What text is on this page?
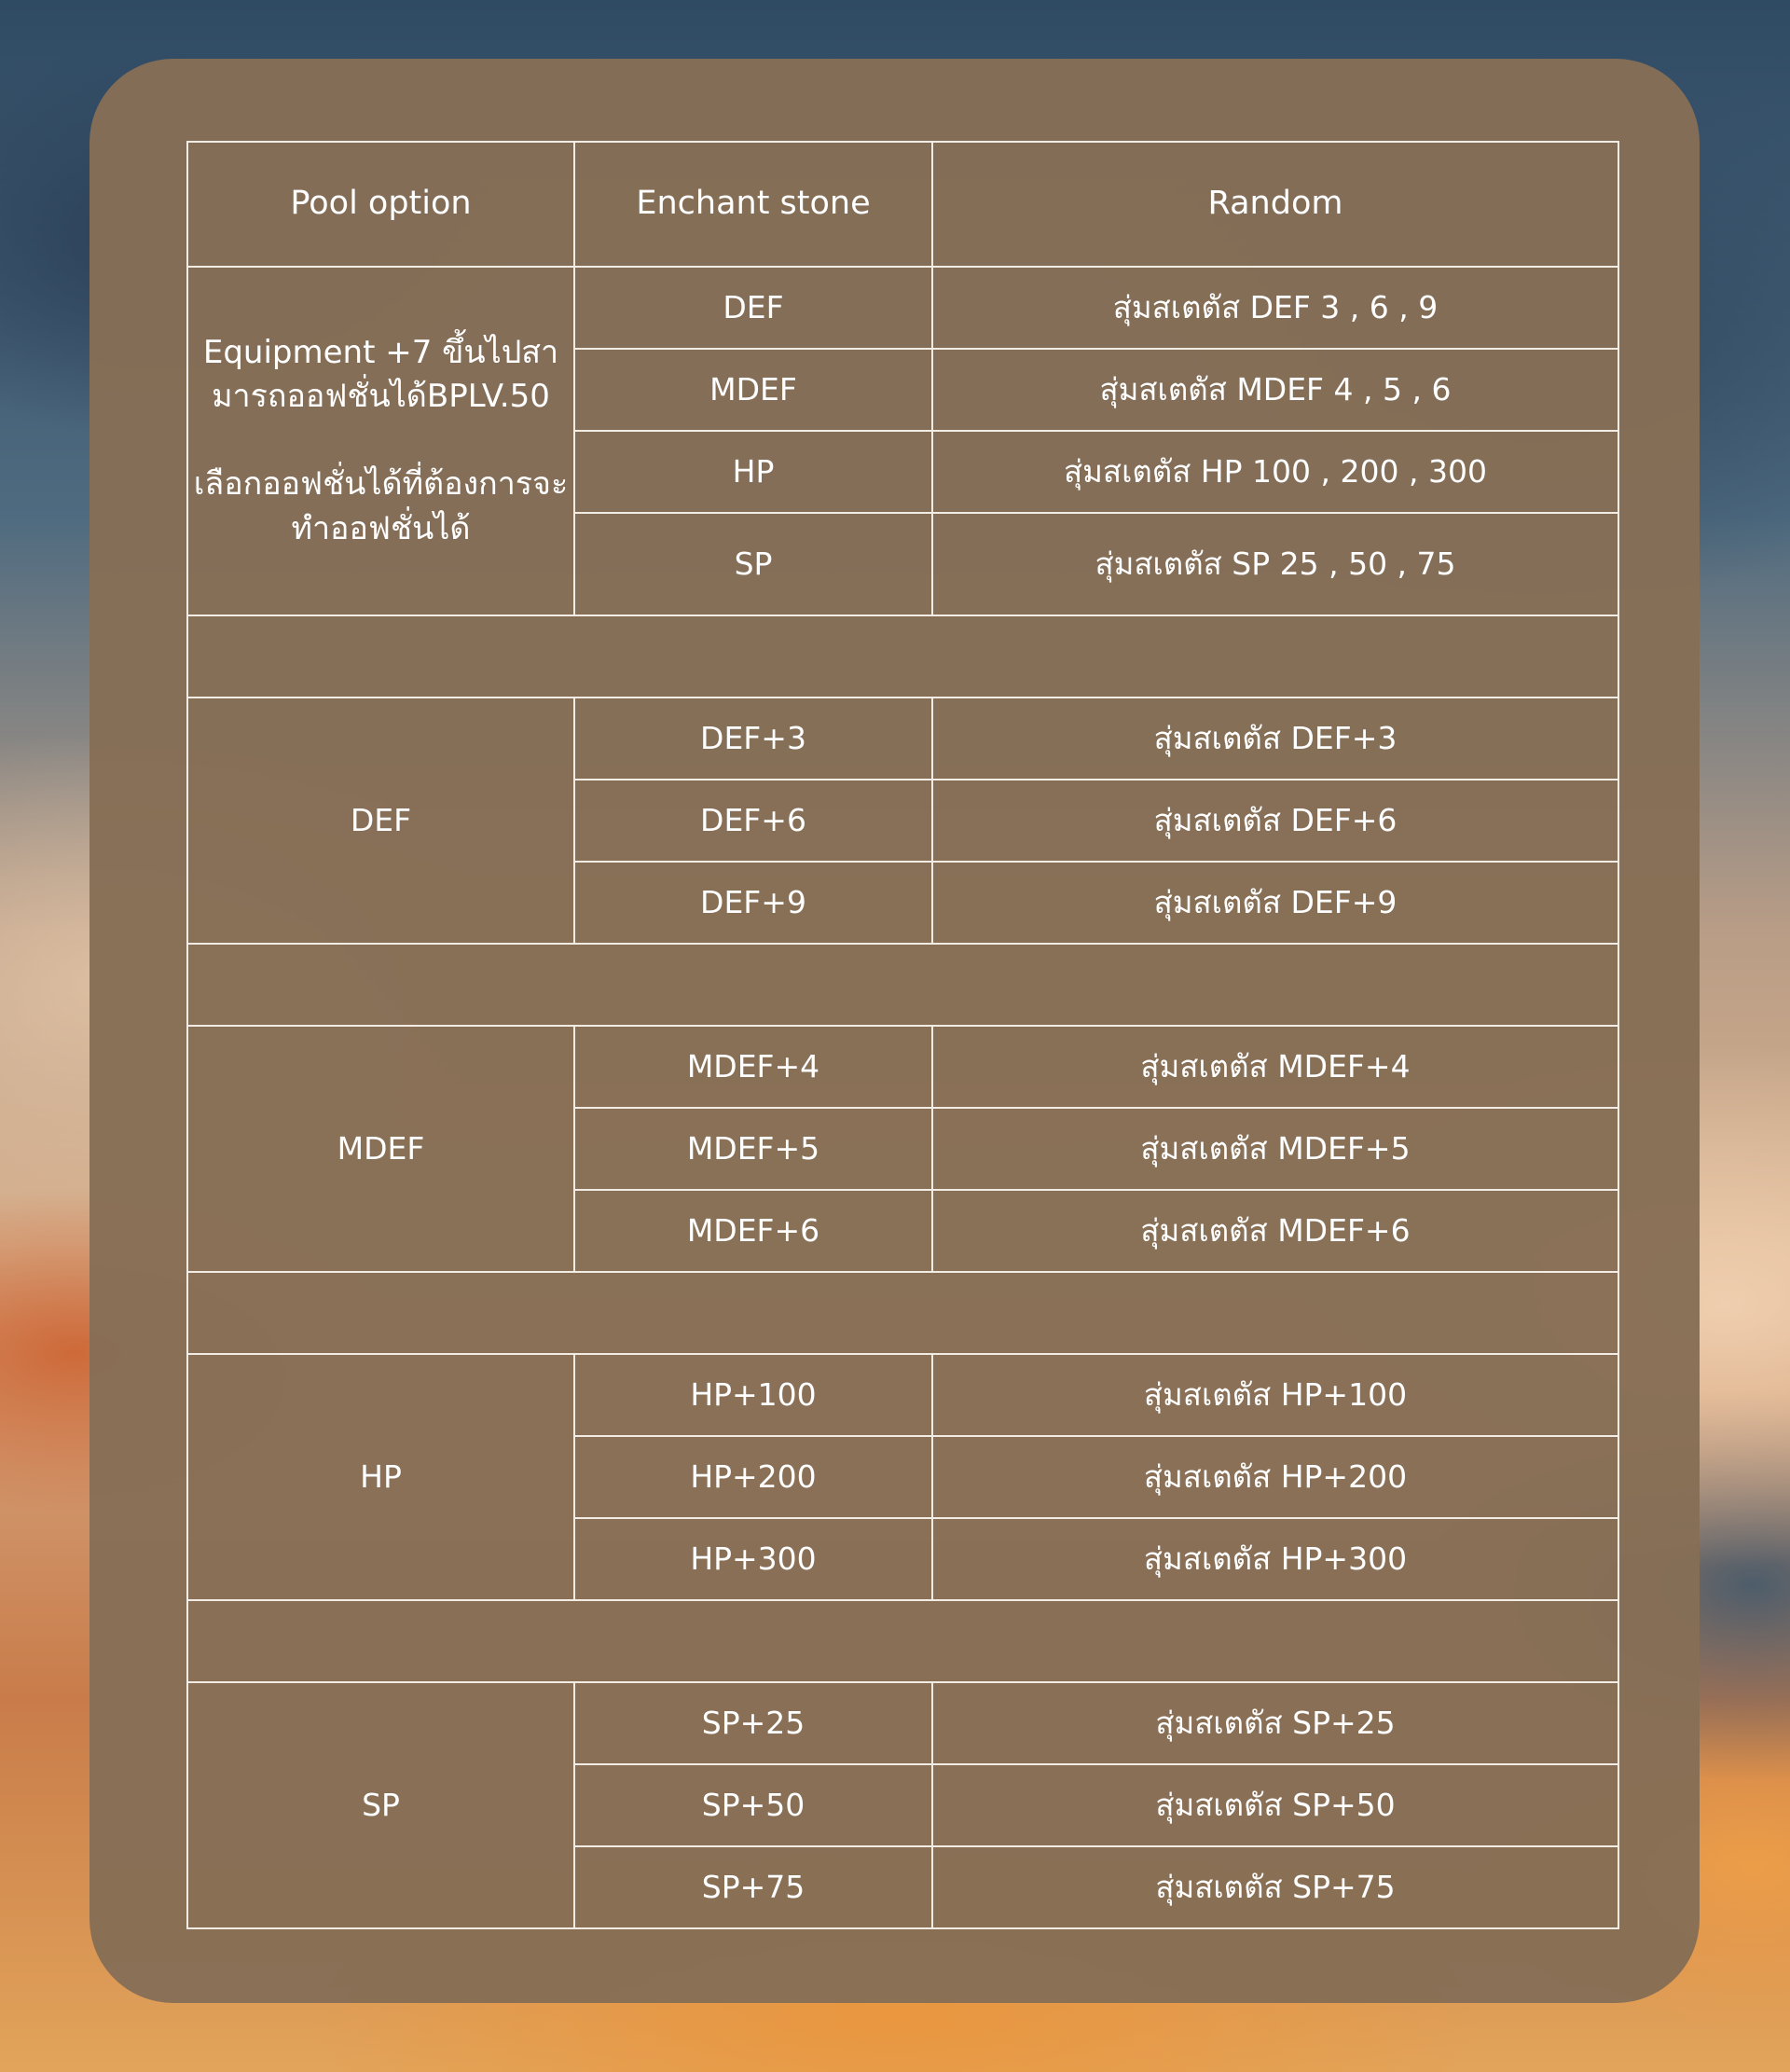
Pool option	Enchant stone	Random

Equipment +7 ขึ้นไปสามารถออฟชั่นได้BPLV.50
เลือกออฟชั่นได้ที่ต้องการจะทำออฟชั่นได้	DEF	สุ่มสเตตัส DEF 3 , 6 , 9
	MDEF	สุ่มสเตตัส MDEF 4 , 5 , 6
	HP	สุ่มสเตตัส HP 100 , 200 , 300
	SP	สุ่มสเตตัส SP 25 , 50 , 75

DEF	DEF+3	สุ่มสเตตัส DEF+3
	DEF+6	สุ่มสเตตัส DEF+6
	DEF+9	สุ่มสเตตัส DEF+9

MDEF	MDEF+4	สุ่มสเตตัส MDEF+4
	MDEF+5	สุ่มสเตตัส MDEF+5
	MDEF+6	สุ่มสเตตัส MDEF+6

HP	HP+100	สุ่มสเตตัส HP+100
	HP+200	สุ่มสเตตัส HP+200
	HP+300	สุ่มสเตตัส HP+300

SP	SP+25	สุ่มสเตตัส SP+25
	SP+50	สุ่มสเตตัส SP+50
	SP+75	สุ่มสเตตัส SP+75
